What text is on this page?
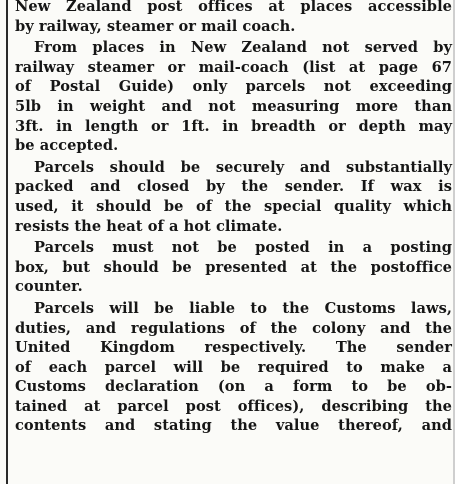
New Zealand post offices at places accessible
by railway, steamer or mail coach.
From places in New Zealand not served by
railway steamer or mail-coach (list at page 67
of Postal Guide) only parcels not exceeding
5lb in weight and not measuring more than
3ft. in length or 1ft. in breadth or depth may
be accepted.
Parcels should be securely and substantially
packed and closed by the sender. If wax is
used, it should be of the special quality which
resists the heat of a hot climate.
Parcels must not be posted in a posting
box, but should be presented at the postoffice
counter.
Parcels will be liable to the Customs laws,
duties, and regulations of the colony and the
United Kingdom respectively. The sender
of each parcel will be required to make a
Customs declaration (on a form to be ob-
tained at parcel post offices), describing the
contents and stating the value thereof, and
